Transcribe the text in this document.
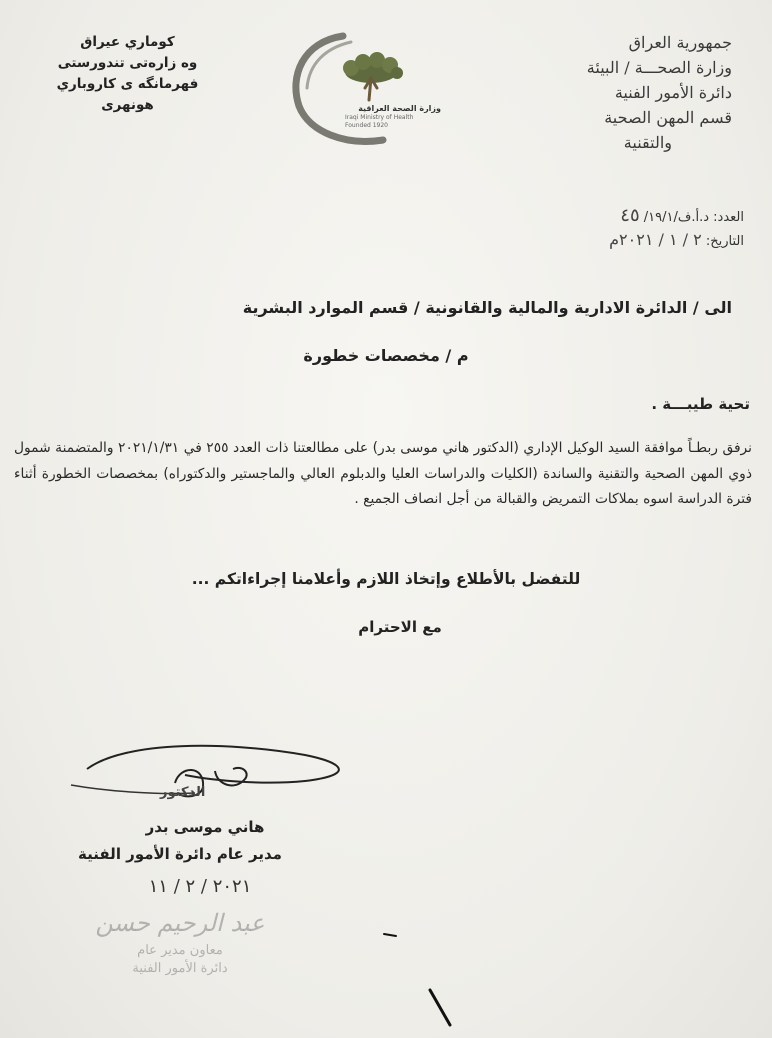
جمهورية العراق
وزارة الصحـــة / البيئة
دائرة الأمور الفنية
قسم المهن الصحية
والتقنية
وزارة الصحة العراقية
Iraqi Ministry of Health
Founded 1920
كوماري عيراق
وه زارەتى تندورستى
فهرمانگه ى كاروباري
هونهرى
العدد: د.أ.ف/١٩/١/ ٤٥
التاريخ: ٢ / ١ / ٢٠٢١م
الى / الدائرة الادارية والمالية والقانونية / قسم الموارد البشرية
م / مخصصات خطورة
تحية طيبـــة .
نرفق ربطـاً موافقة السيد الوكيل الإداري (الدكتور هاني موسى بدر) على مطالعتنا ذات العدد ٢٥٥ في ٢٠٢١/١/٣١ والمتضمنة شمول ذوي المهن الصحية والتقنية والساندة (الكليات والدراسات العليا والدبلوم العالي والماجستير والدكتوراه) بمخصصات الخطورة أثناء فترة الدراسة اسوه بملاكات التمريض والقبالة من أجل انصاف الجميع .
للتفضل بالأطلاع وإتخاذ اللازم وأعلامنا إجراءاتكم ...
مع الاحترام
الدكتور
هاني موسى بدر
مدير عام دائرة الأمور الفنية
٢٠٢١ / ٢ / ١١
عبد الرحيم حسن
معاون مدير عام
دائرة الأمور الفنية
